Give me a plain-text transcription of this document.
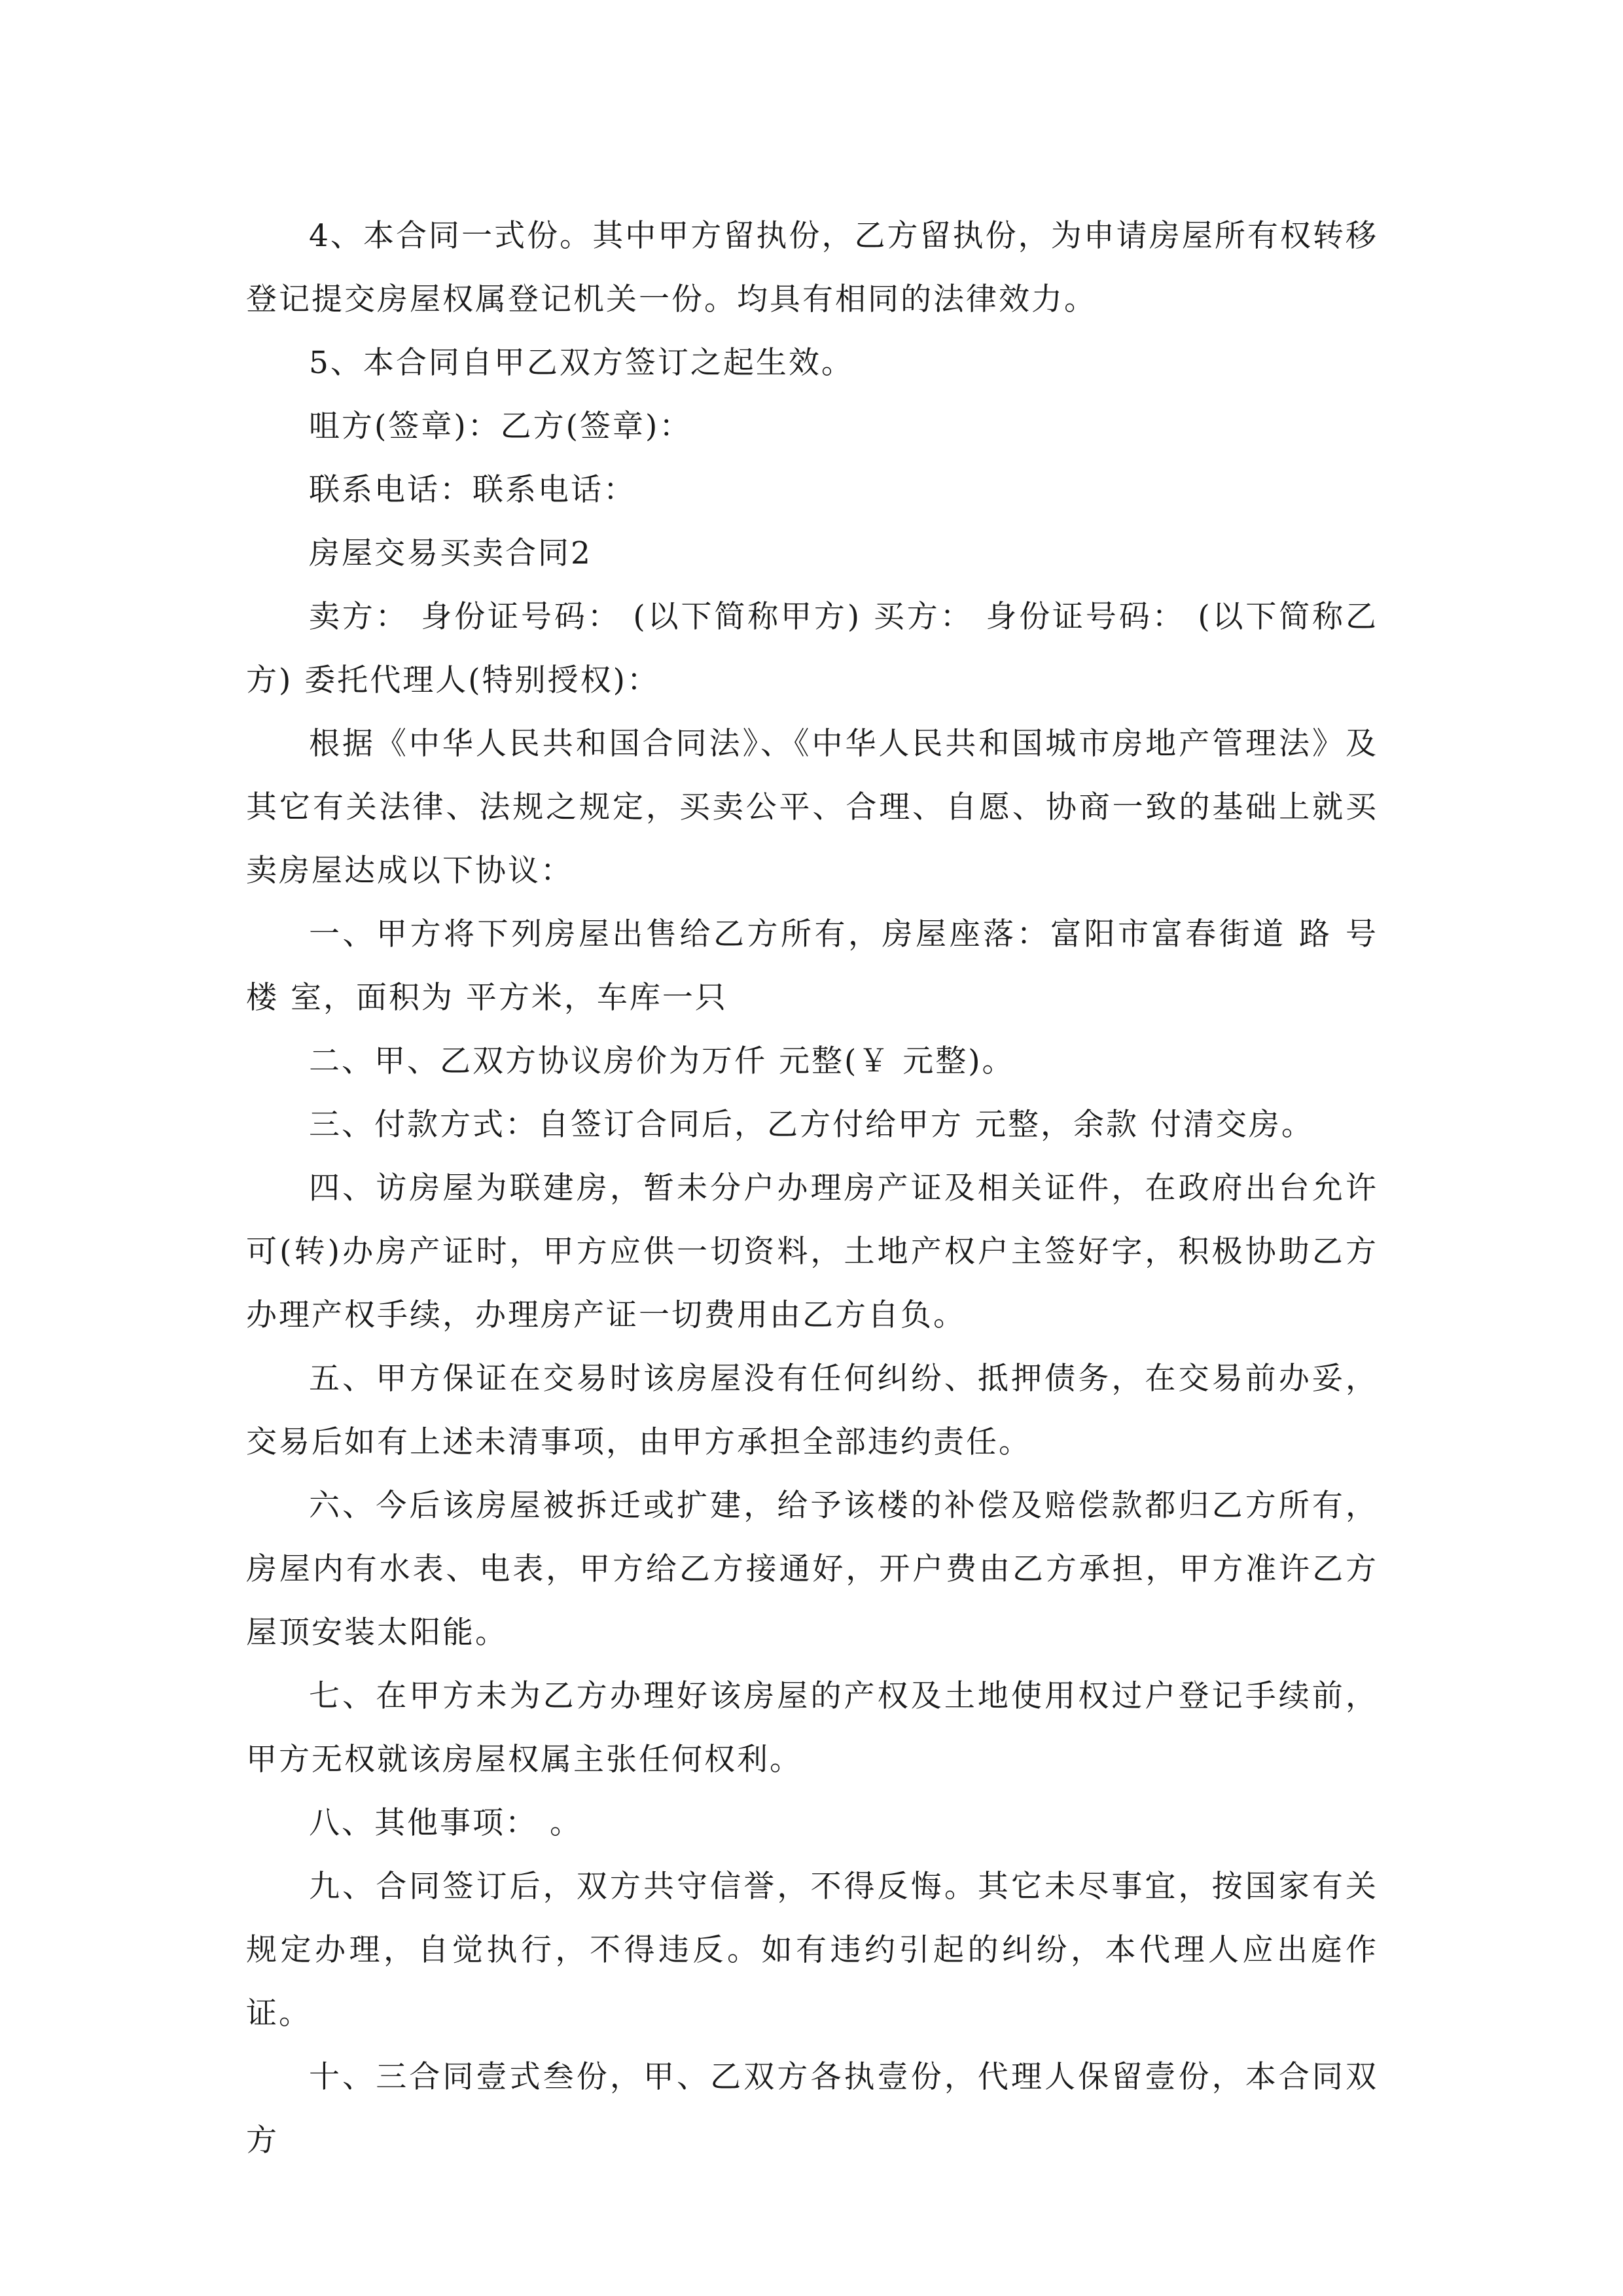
4、本合同一式份。其中甲方留执份，乙方留执份，为申请房屋所有权转移登记提交房屋权属登记机关一份。均具有相同的法律效力。

5、本合同自甲乙双方签订之起生效。

咀方(签章)：乙方(签章)：

联系电话：联系电话：

房屋交易买卖合同2

卖方： 身份证号码： (以下简称甲方) 买方： 身份证号码： (以下简称乙方) 委托代理人(特别授权)：

根据《中华人民共和国合同法》、《中华人民共和国城市房地产管理法》及其它有关法律、法规之规定，买卖公平、合理、自愿、协商一致的基础上就买卖房屋达成以下协议：

一、甲方将下列房屋出售给乙方所有，房屋座落：富阳市富春街道 路 号楼 室，面积为 平方米，车库一只

二、甲、乙双方协议房价为万仟 元整(￥ 元整)。

三、付款方式：自签订合同后，乙方付给甲方 元整，余款 付清交房。

四、访房屋为联建房，暂未分户办理房产证及相关证件，在政府出台允许可(转)办房产证时，甲方应供一切资料，土地产权户主签好字，积极协助乙方办理产权手续，办理房产证一切费用由乙方自负。

五、甲方保证在交易时该房屋没有任何纠纷、抵押债务，在交易前办妥，交易后如有上述未清事项，由甲方承担全部违约责任。

六、今后该房屋被拆迁或扩建，给予该楼的补偿及赔偿款都归乙方所有，房屋内有水表、电表，甲方给乙方接通好，开户费由乙方承担，甲方准许乙方屋顶安装太阳能。

七、在甲方未为乙方办理好该房屋的产权及土地使用权过户登记手续前，甲方无权就该房屋权属主张任何权利。

八、其他事项： 。

九、合同签订后，双方共守信誉，不得反悔。其它未尽事宜，按国家有关规定办理，自觉执行，不得违反。如有违约引起的纠纷，本代理人应出庭作证。

十、三合同壹式叁份，甲、乙双方各执壹份，代理人保留壹份，本合同双方
